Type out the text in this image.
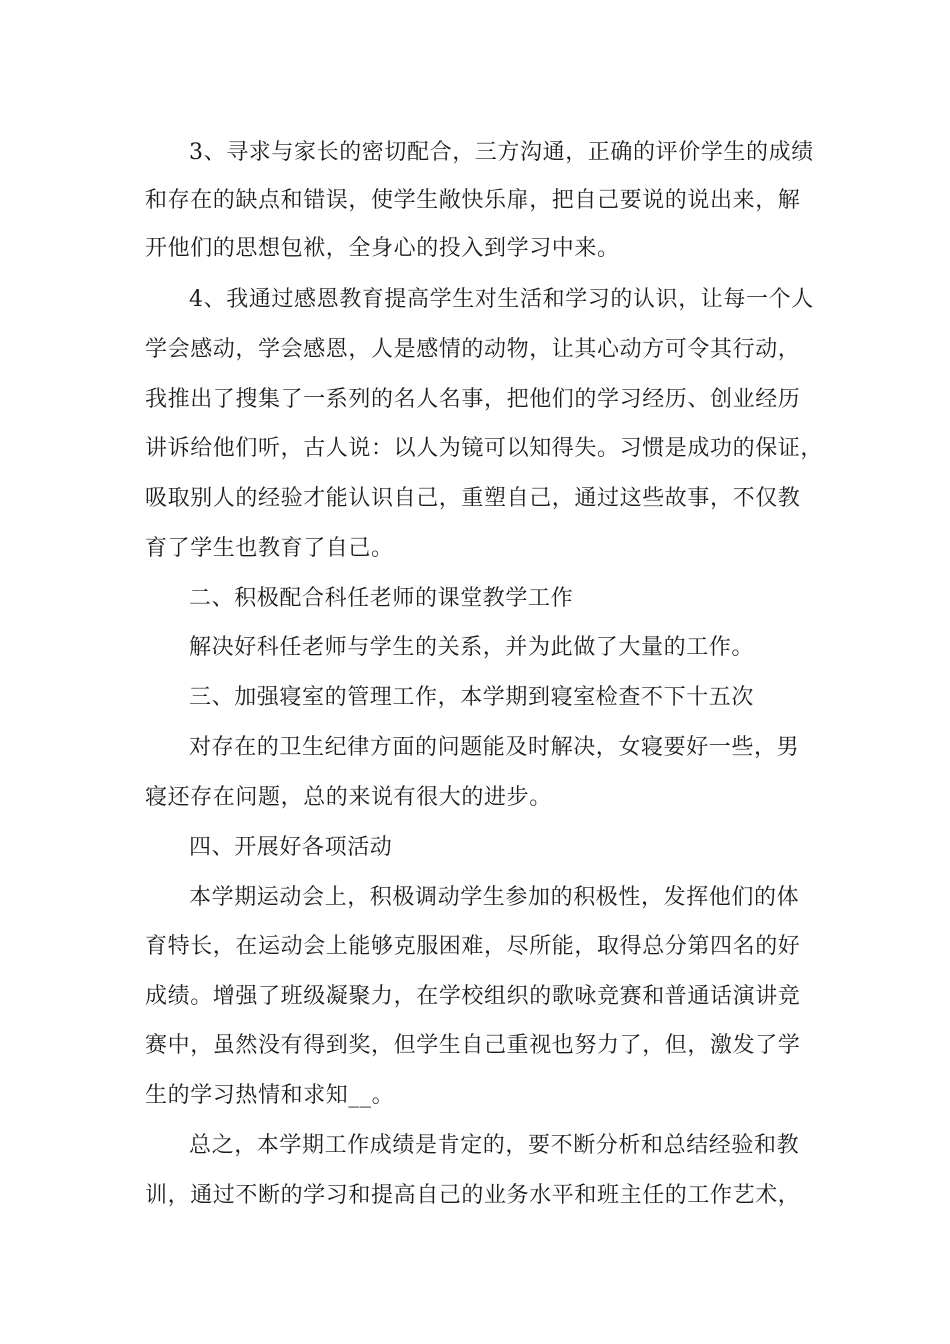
3、寻求与家长的密切配合，三方沟通，正确的评价学生的成绩
和存在的缺点和错误，使学生敞快乐扉，把自己要说的说出来，解
开他们的思想包袱，全身心的投入到学习中来。
4、我通过感恩教育提高学生对生活和学习的认识，让每一个人
学会感动，学会感恩，人是感情的动物，让其心动方可令其行动，
我推出了搜集了一系列的名人名事，把他们的学习经历、创业经历
讲诉给他们听，古人说：以人为镜可以知得失。习惯是成功的保证，
吸取别人的经验才能认识自己，重塑自己，通过这些故事，不仅教
育了学生也教育了自己。
二、积极配合科任老师的课堂教学工作
解决好科任老师与学生的关系，并为此做了大量的工作。
三、加强寝室的管理工作，本学期到寝室检查不下十五次
对存在的卫生纪律方面的问题能及时解决，女寝要好一些，男
寝还存在问题，总的来说有很大的进步。
四、开展好各项活动
本学期运动会上，积极调动学生参加的积极性，发挥他们的体
育特长，在运动会上能够克服困难，尽所能，取得总分第四名的好
成绩。增强了班级凝聚力，在学校组织的歌咏竞赛和普通话演讲竞
赛中，虽然没有得到奖，但学生自己重视也努力了，但，激发了学
生的学习热情和求知__。
总之，本学期工作成绩是肯定的，要不断分析和总结经验和教
训，通过不断的学习和提高自己的业务水平和班主任的工作艺术，
